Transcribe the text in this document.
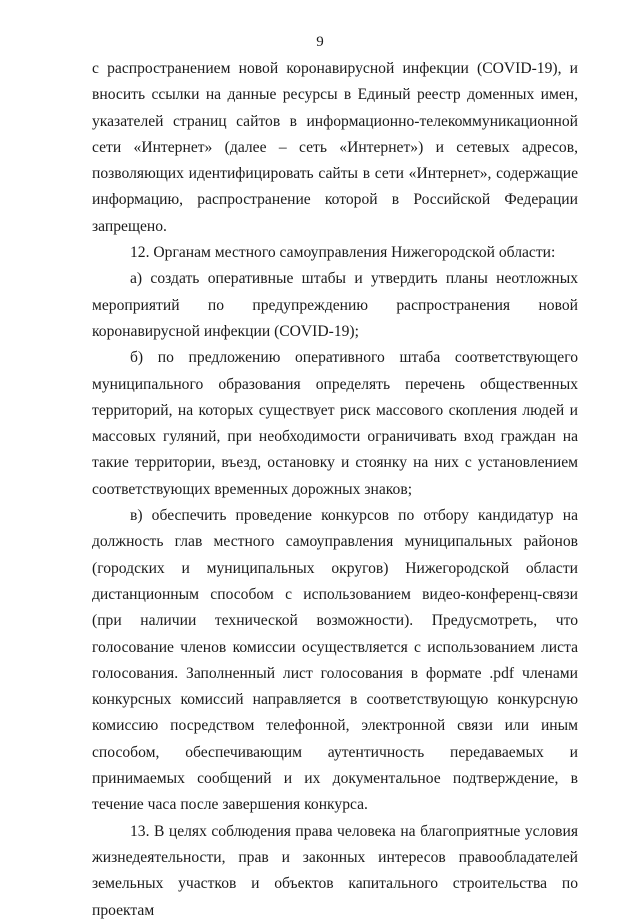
9

с распространением новой коронавирусной инфекции (COVID-19), и вносить ссылки на данные ресурсы в Единый реестр доменных имен, указателей страниц сайтов в информационно-телекоммуникационной сети «Интернет» (далее – сеть «Интернет») и сетевых адресов, позволяющих идентифицировать сайты в сети «Интернет», содержащие информацию, распространение которой в Российской Федерации запрещено.

12. Органам местного самоуправления Нижегородской области:

а) создать оперативные штабы и утвердить планы неотложных мероприятий по предупреждению распространения новой коронавирусной инфекции (COVID-19);

б) по предложению оперативного штаба соответствующего муниципального образования определять перечень общественных территорий, на которых существует риск массового скопления людей и массовых гуляний, при необходимости ограничивать вход граждан на такие территории, въезд, остановку и стоянку на них с установлением соответствующих временных дорожных знаков;

в) обеспечить проведение конкурсов по отбору кандидатур на должность глав местного самоуправления муниципальных районов (городских и муниципальных округов) Нижегородской области дистанционным способом с использованием видео-конференц-связи (при наличии технической возможности). Предусмотреть, что голосование членов комиссии осуществляется с использованием листа голосования. Заполненный лист голосования в формате .pdf членами конкурсных комиссий направляется в соответствующую конкурсную комиссию посредством телефонной, электронной связи или иным способом, обеспечивающим аутентичность передаваемых и принимаемых сообщений и их документальное подтверждение, в течение часа после завершения конкурса.

13. В целях соблюдения права человека на благоприятные условия жизнедеятельности, прав и законных интересов правообладателей земельных участков и объектов капитального строительства по проектам
